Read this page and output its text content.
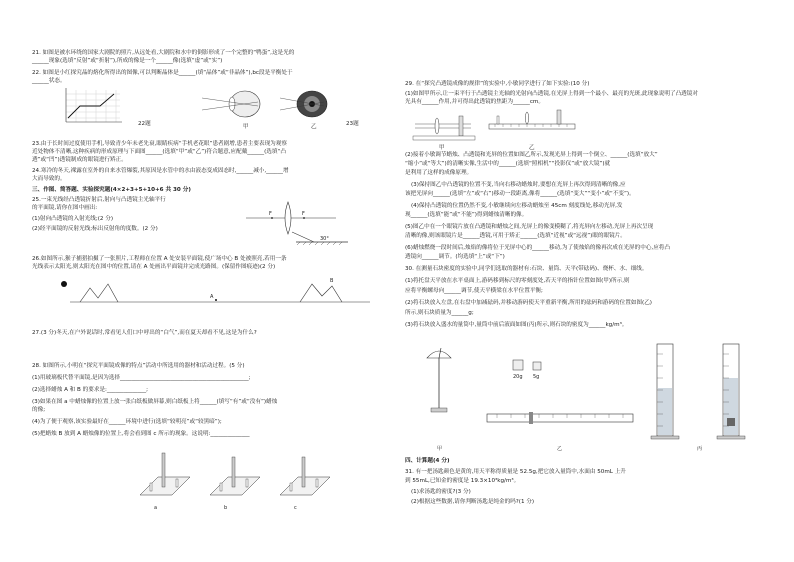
21. 如图是被水环绕的国家大剧院的照片,从远处看,大剧院和水中的倒影形成了一个完整的“鸭蛋”,这是光的
______现象(选填“反射”或“折射”),所成的像是一个______像(选填“虚”或“实”)
22. 如图是小红探究晶的熔化所得出的图像,可以判断晶体是______(填“晶体”或“非晶体”),bc段是平衡处于
______状态。
22题	甲	乙	23题
23.由于长时间过度使用手机,导致青少年未老先衰,眼睛疾病“手机老花眼”患者剧增,患者主要表现为观察
近处物体不清晰,这种疾病的形成原理与下面图______(选填“甲”或“乙”)符合题意,应配戴______(选填“凸
透”或“凹”)透镜制成的眼镜进行矫正。
24.寒冷的冬天,裸露在室外的自来水管爆裂,其原因是水管中的水由液态变成固态时,______减小,______增
大而导致的。
三、作图、简答题、实验探究题(4×2+3+5+10+6 共 30 分)
25.一束光线经凸透镜折射后,射向与凸透镜主光轴平行
的平面镜,请你在图中画出:
(1)射向凸透镜的入射光线;(2 分)
(2)经平面镜的反射光线;标出反射角的度数。(2 分)
F	F
30°
26.如图所示,猴子捕猎拍摄了一张照片,工程师在位置 A 处安装平面镜,使广场中心 B 处被照亮,若用一条
光线表示太阳光,则太阳光在图中的位置,请在 A 处画出平面镜并完成光路图。(保留作图痕迹)(2 分)
A
B
27.(3 分)冬天,在户外说话时,常看见人们口中呼出的“白气”,而在夏天却看不见,这是为什么?
28. 如图所示,小明在“探究平面镜成像的特点”活动中所选用的器材和活动过程。(5 分)
(1)用玻璃板代替平面镜,是因为选择______________________________________________;
(2)选择蜡烛 A 和 B 的要求是:______________;
(3)如果在图 a 中蜡烛像的位置上放一张白纸板做屏幕,则白纸板上将______(填写“有”或“没有”)蜡烛
的像;
(4)为了便于观察,该实验最好在______环境中进行(选填“较明亮”或“较黑暗”);
(5)把蜡烛 B 放到 A 蜡烛像的位置上,将会看到图 c 所示的现象。这说明:______________
a	b	c
29. 在“探究凸透镜成像的规律”的实验中,小敏同学进行了如下实验:(10 分)
(1)如图甲所示,让一束平行于凸透镜主光轴的光射向凸透镜,在光屏上得到一个最小、最亮的光斑,此现象说明了凸透镜对
光具有______作用,并可得出此透镜的焦距为______cm。
甲	乙
(2)接着小敏调节蜡烛、凸透镜和光屏的位置如图乙所示,发现光屏上得到一个倒立、______(选填“放大”
“缩小”或“等大”)的清晰实像,生活中的______(选填“照相机”“投影仪”或“放大镜”)就
是利用了这样的成像原理。
(3)保持图乙中凸透镜的位置不变,当向右移动蜡烛时,要想在光屏上再次得到清晰的像,应
该把光屏向______(选填“左”或“右”)移动一段距离,像将______(选填“变大”“变小”或“不变”)。
(4)保持凸透镜的位置仍然不变,小敏继续向左移动蜡烛至 45cm 刻度线处,移动光屏,发
现______(选填“能”或“不能”)得到蜡烛清晰的像。
(5)图乙中在一个眼镜片放在凸透镜和蜡烛之间,光屏上的像变模糊了,将光屏向左移动,光屏上再次呈现
清晰的像,则该眼镜片是______透镜,可用于矫正______(选填“近视”或“远视”)眼的眼镜片。
(6)蜡烛燃烧一段时间后,烛焰的像将位于光屏中心的______移动,为了使烛焰的像再次成在光屏的中心,应将凸
透镜向______调节。(均选填“上”或“下”)
30. 在测量石块密度的实验中,同学们选取的器材有:石块、量筒、天平(带砝码)、烧杯、水、细线。
(1)将托盘天平放在水平桌面上,游码移到标尺的零刻度处,若天平的指针位置如图(甲)所示,则
应将平衡螺母向______调节,使天平横梁在水平位置平衡;
(2)将石块放入左盘,在右盘中加减砝码,并移动游码使天平重新平衡,所用的砝码和游码的位置如图(乙)
所示,则石块质量为______g;
(3)将石块放入盛水的量筒中,量筒中前后液面如图(丙)所示,则石块的密度为______kg/m³。
20g 5g
甲	乙	丙
四、计算题(4 分)
31. 有一把汤匙颜色是黄的,用天平称得质量是 52.5g,把它放入量筒中,水面由 50mL 上升
到 55mL,已知金的密度是 19.3×10³kg/m³。
(1)求汤匙的密度?(3 分)
(2)根据这些数据,请你判断汤匙是纯金的吗?(1 分)
